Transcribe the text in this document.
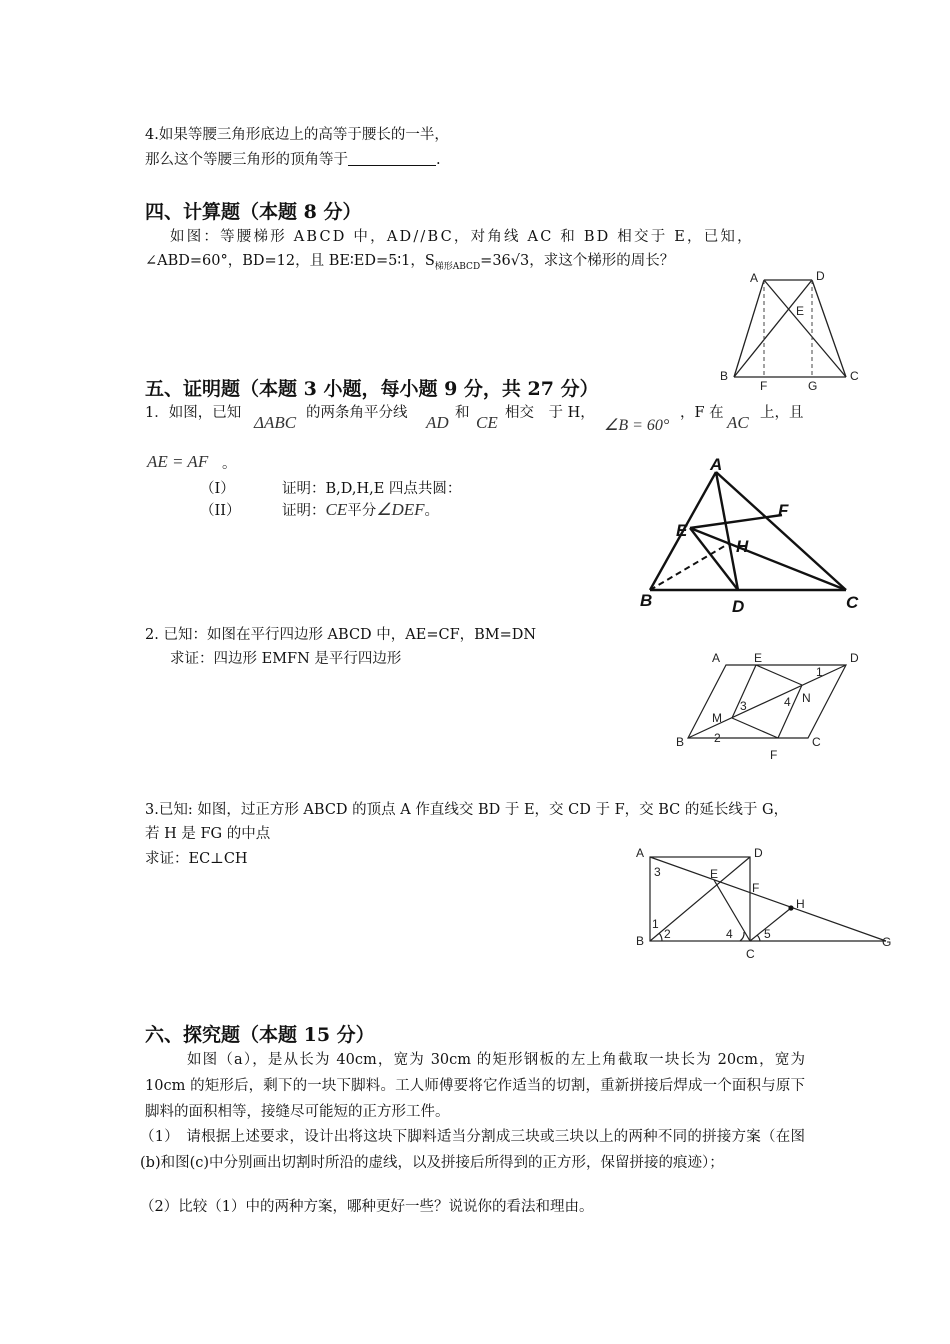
4.如果等腰三角形底边上的高等于腰长的一半，
那么这个等腰三角形的顶角等于	.
四、计算题（本题 8 分）
如图：等腰梯形 ABCD 中，AD//BC，对角线 AC 和 BD 相交于 E，已知，
∠ABD=60°，BD=12，且 BE∶ED=5∶1，$S_{梯形ABCD}=36√3$，求这个梯形的周长？
A	D
E
B
F	G
C
五、证明题（本题 3 小题，每小题 9 分，共 27 分）
1．如图，已知 ΔABC 的两条角平分线 AD 和 CE 相交　于 H，
∠B = 60°
，F 在 AC 上，且
AE = AF 。
（I）	证明：B,D,H,E 四点共圆：
（II）	证明：CE平分∠DEF。
A
F
E
H
B	D	C
2. 已知：如图在平行四边形 ABCD 中，AE=CF，BM=DN
求证：四边形 EMFN 是平行四边形	A	E	D
1
N
4
3
M
2
B	C
F
3.已知: 如图，过正方形 ABCD 的顶点 A 作直线交 BD 于 E，交 CD 于 F，交 BC 的延长线于 G，
若 H 是 FG 的中点
求证：EC⊥CH	A	D
3	E
F
H
1
B 2	4	5
C
G
六、探究题（本题 15 分）
如图（a），是从长为 40cm，宽为 30cm 的矩形钢板的左上角截取一块长为 20cm，宽为 10cm 的矩形后，剩下的一块下脚料。工人师傅要将它作适当的切割，重新拼接后焊成一个面积与原下脚料的面积相等，接缝尽可能短的正方形工件。
（1）　请根据上述要求，设计出将这块下脚料适当分割成三块或三块以上的两种不同的拼接方案（在图(b)和图(c)中分别画出切割时所沿的虚线，以及拼接后所得到的正方形，保留拼接的痕迹）；
（2）比较（1）中的两种方案，哪种更好一些？说说你的看法和理由。
